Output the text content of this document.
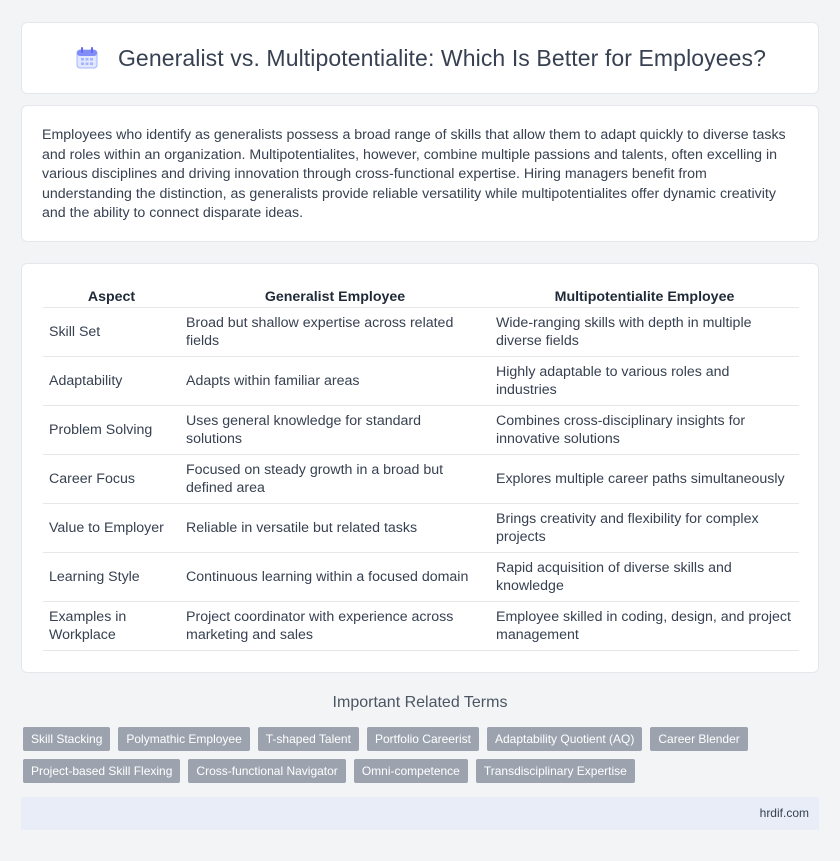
Generalist vs. Multipotentialite: Which Is Better for Employees?

Employees who identify as generalists possess a broad range of skills that allow them to adapt quickly to diverse tasks and roles within an organization. Multipotentialites, however, combine multiple passions and talents, often excelling in various disciplines and driving innovation through cross-functional expertise. Hiring managers benefit from understanding the distinction, as generalists provide reliable versatility while multipotentialites offer dynamic creativity and the ability to connect disparate ideas.

Aspect	Generalist Employee	Multipotentialite Employee
Skill Set	Broad but shallow expertise across related fields	Wide-ranging skills with depth in multiple diverse fields
Adaptability	Adapts within familiar areas	Highly adaptable to various roles and industries
Problem Solving	Uses general knowledge for standard solutions	Combines cross-disciplinary insights for innovative solutions
Career Focus	Focused on steady growth in a broad but defined area	Explores multiple career paths simultaneously
Value to Employer	Reliable in versatile but related tasks	Brings creativity and flexibility for complex projects
Learning Style	Continuous learning within a focused domain	Rapid acquisition of diverse skills and knowledge
Examples in Workplace	Project coordinator with experience across marketing and sales	Employee skilled in coding, design, and project management
Important Related Terms
Skill Stacking	Polymathic Employee	T-shaped Talent	Portfolio Careerist	Adaptability Quotient (AQ)	Career Blender
Project-based Skill Flexing	Cross-functional Navigator	Omni-competence	Transdisciplinary Expertise
hrdif.com
